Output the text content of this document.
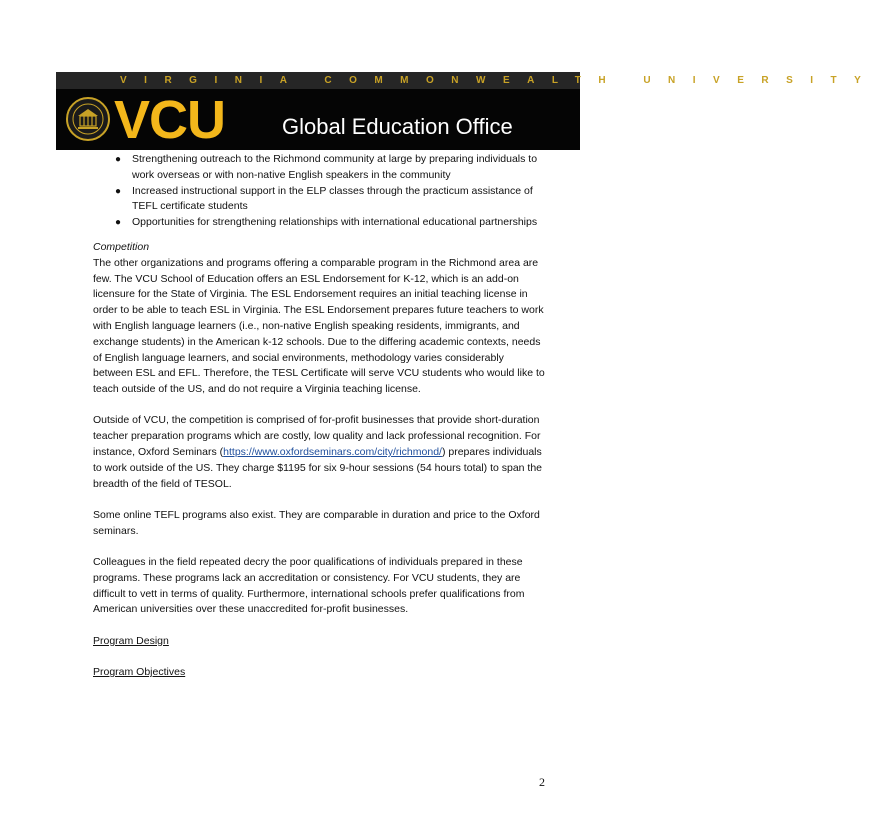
VIRGINIA COMMONWEALTH UNIVERSITY
VCU	Global Education Office
● Strengthening outreach to the Richmond community at large by preparing individuals to work overseas or with non-native English speakers in the community
● Increased instructional support in the ELP classes through the practicum assistance of TEFL certificate students
● Opportunities for strengthening relationships with international educational partnerships

Competition

The other organizations and programs offering a comparable program in the Richmond area are few. The VCU School of Education offers an ESL Endorsement for K-12, which is an add-on licensure for the State of Virginia. The ESL Endorsement requires an initial teaching license in order to be able to teach ESL in Virginia. The ESL Endorsement prepares future teachers to work with English language learners (i.e., non-native English speaking residents, immigrants, and exchange students) in the American k-12 schools. Due to the differing academic contexts, needs of English language learners, and social environments, methodology varies considerably between ESL and EFL. Therefore, the TESL Certificate will serve VCU students who would like to teach outside of the US, and do not require a Virginia teaching license.

Outside of VCU, the competition is comprised of for-profit businesses that provide short-duration teacher preparation programs which are costly, low quality and lack professional recognition. For instance, Oxford Seminars (https://www.oxfordseminars.com/city/richmond/) prepares individuals to work outside of the US. They charge $1195 for six 9-hour sessions (54 hours total) to span the breadth of the field of TESOL.

Some online TEFL programs also exist. They are comparable in duration and price to the Oxford seminars.

Colleagues in the field repeated decry the poor qualifications of individuals prepared in these programs. These programs lack an accreditation or consistency. For VCU students, they are difficult to vett in terms of quality. Furthermore, international schools prefer qualifications from American universities over these unaccredited for-profit businesses.

Program Design

Program Objectives

2
